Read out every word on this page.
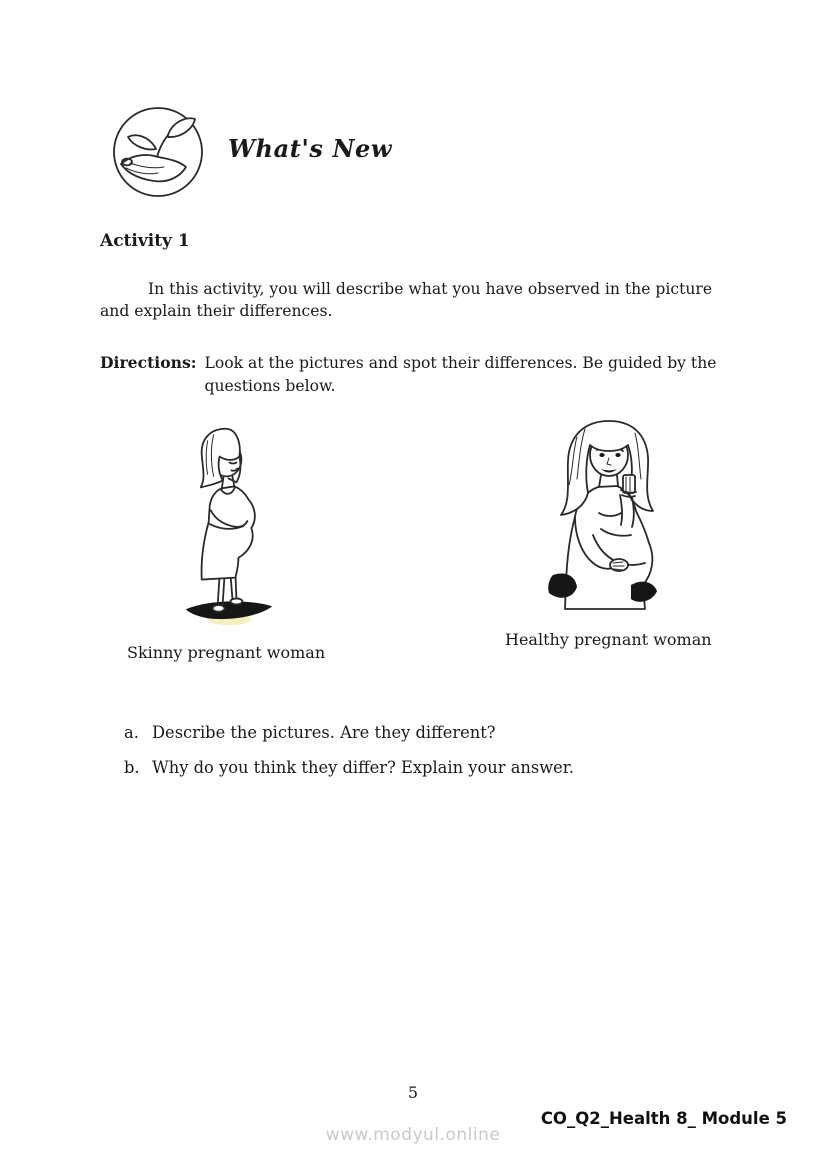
What's New
Activity 1

In this activity, you will describe what you have observed in the picture and explain their differences.

Directions: Look at the pictures and spot their differences. Be guided by the questions below.
Skinny pregnant woman
Healthy pregnant woman
a. Describe the pictures. Are they different?
b. Why do you think they differ? Explain your answer.
5
CO_Q2_Health 8_ Module 5
www.modyul.online
